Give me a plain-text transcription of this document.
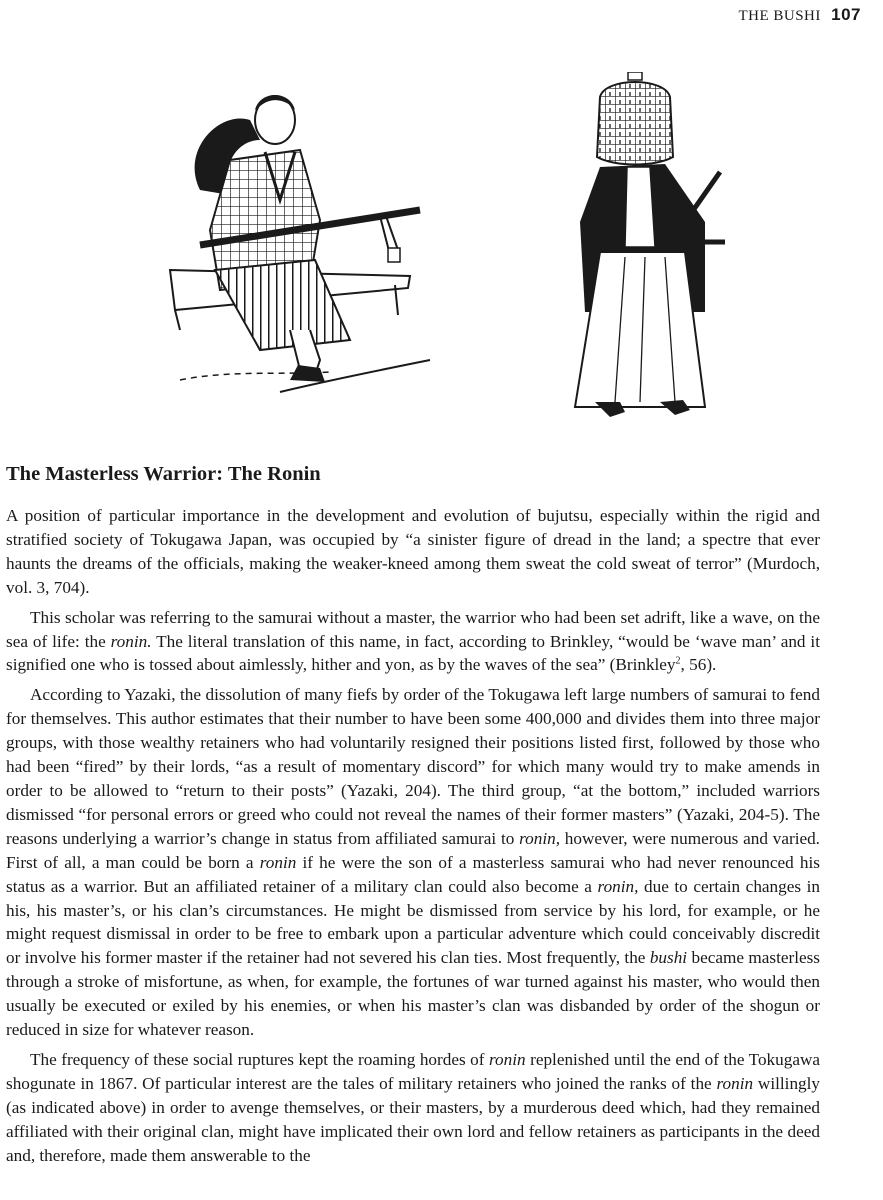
THE BUSHI 107
The Masterless Warrior: The Ronin

A position of particular importance in the development and evolution of bujutsu, especially within the rigid and stratified society of Tokugawa Japan, was occupied by “a sinister figure of dread in the land; a spectre that ever haunts the dreams of the officials, making the weaker-kneed among them sweat the cold sweat of terror” (Murdoch, vol. 3, 704).

This scholar was referring to the samurai without a master, the warrior who had been set adrift, like a wave, on the sea of life: the ronin. The literal translation of this name, in fact, according to Brinkley, “would be ‘wave man’ and it signified one who is tossed about aimlessly, hither and yon, as by the waves of the sea” (Brinkley$^2$, 56).

According to Yazaki, the dissolution of many fiefs by order of the Tokugawa left large numbers of samurai to fend for themselves. This author estimates that their number to have been some 400,000 and divides them into three major groups, with those wealthy retainers who had voluntarily resigned their positions listed first, followed by those who had been “fired” by their lords, “as a result of momentary discord” for which many would try to make amends in order to be allowed to “return to their posts” (Yazaki, 204). The third group, “at the bottom,” included warriors dismissed “for personal errors or greed who could not reveal the names of their former masters” (Yazaki, 204-5). The reasons underlying a warrior’s change in status from affiliated samurai to ronin, however, were numerous and varied. First of all, a man could be born a ronin if he were the son of a masterless samurai who had never renounced his status as a warrior. But an affiliated retainer of a military clan could also become a ronin, due to certain changes in his, his master’s, or his clan’s circumstances. He might be dismissed from service by his lord, for example, or he might request dismissal in order to be free to embark upon a particular adventure which could conceivably discredit or involve his former master if the retainer had not severed his clan ties. Most frequently, the bushi became masterless through a stroke of misfortune, as when, for example, the fortunes of war turned against his master, who would then usually be executed or exiled by his enemies, or when his master’s clan was disbanded by order of the shogun or reduced in size for whatever reason.

The frequency of these social ruptures kept the roaming hordes of ronin replenished until the end of the Tokugawa shogunate in 1867. Of particular interest are the tales of military retainers who joined the ranks of the ronin willingly (as indicated above) in order to avenge themselves, or their masters, by a murderous deed which, had they remained affiliated with their original clan, might have implicated their own lord and fellow retainers as participants in the deed and, therefore, made them answerable to the
